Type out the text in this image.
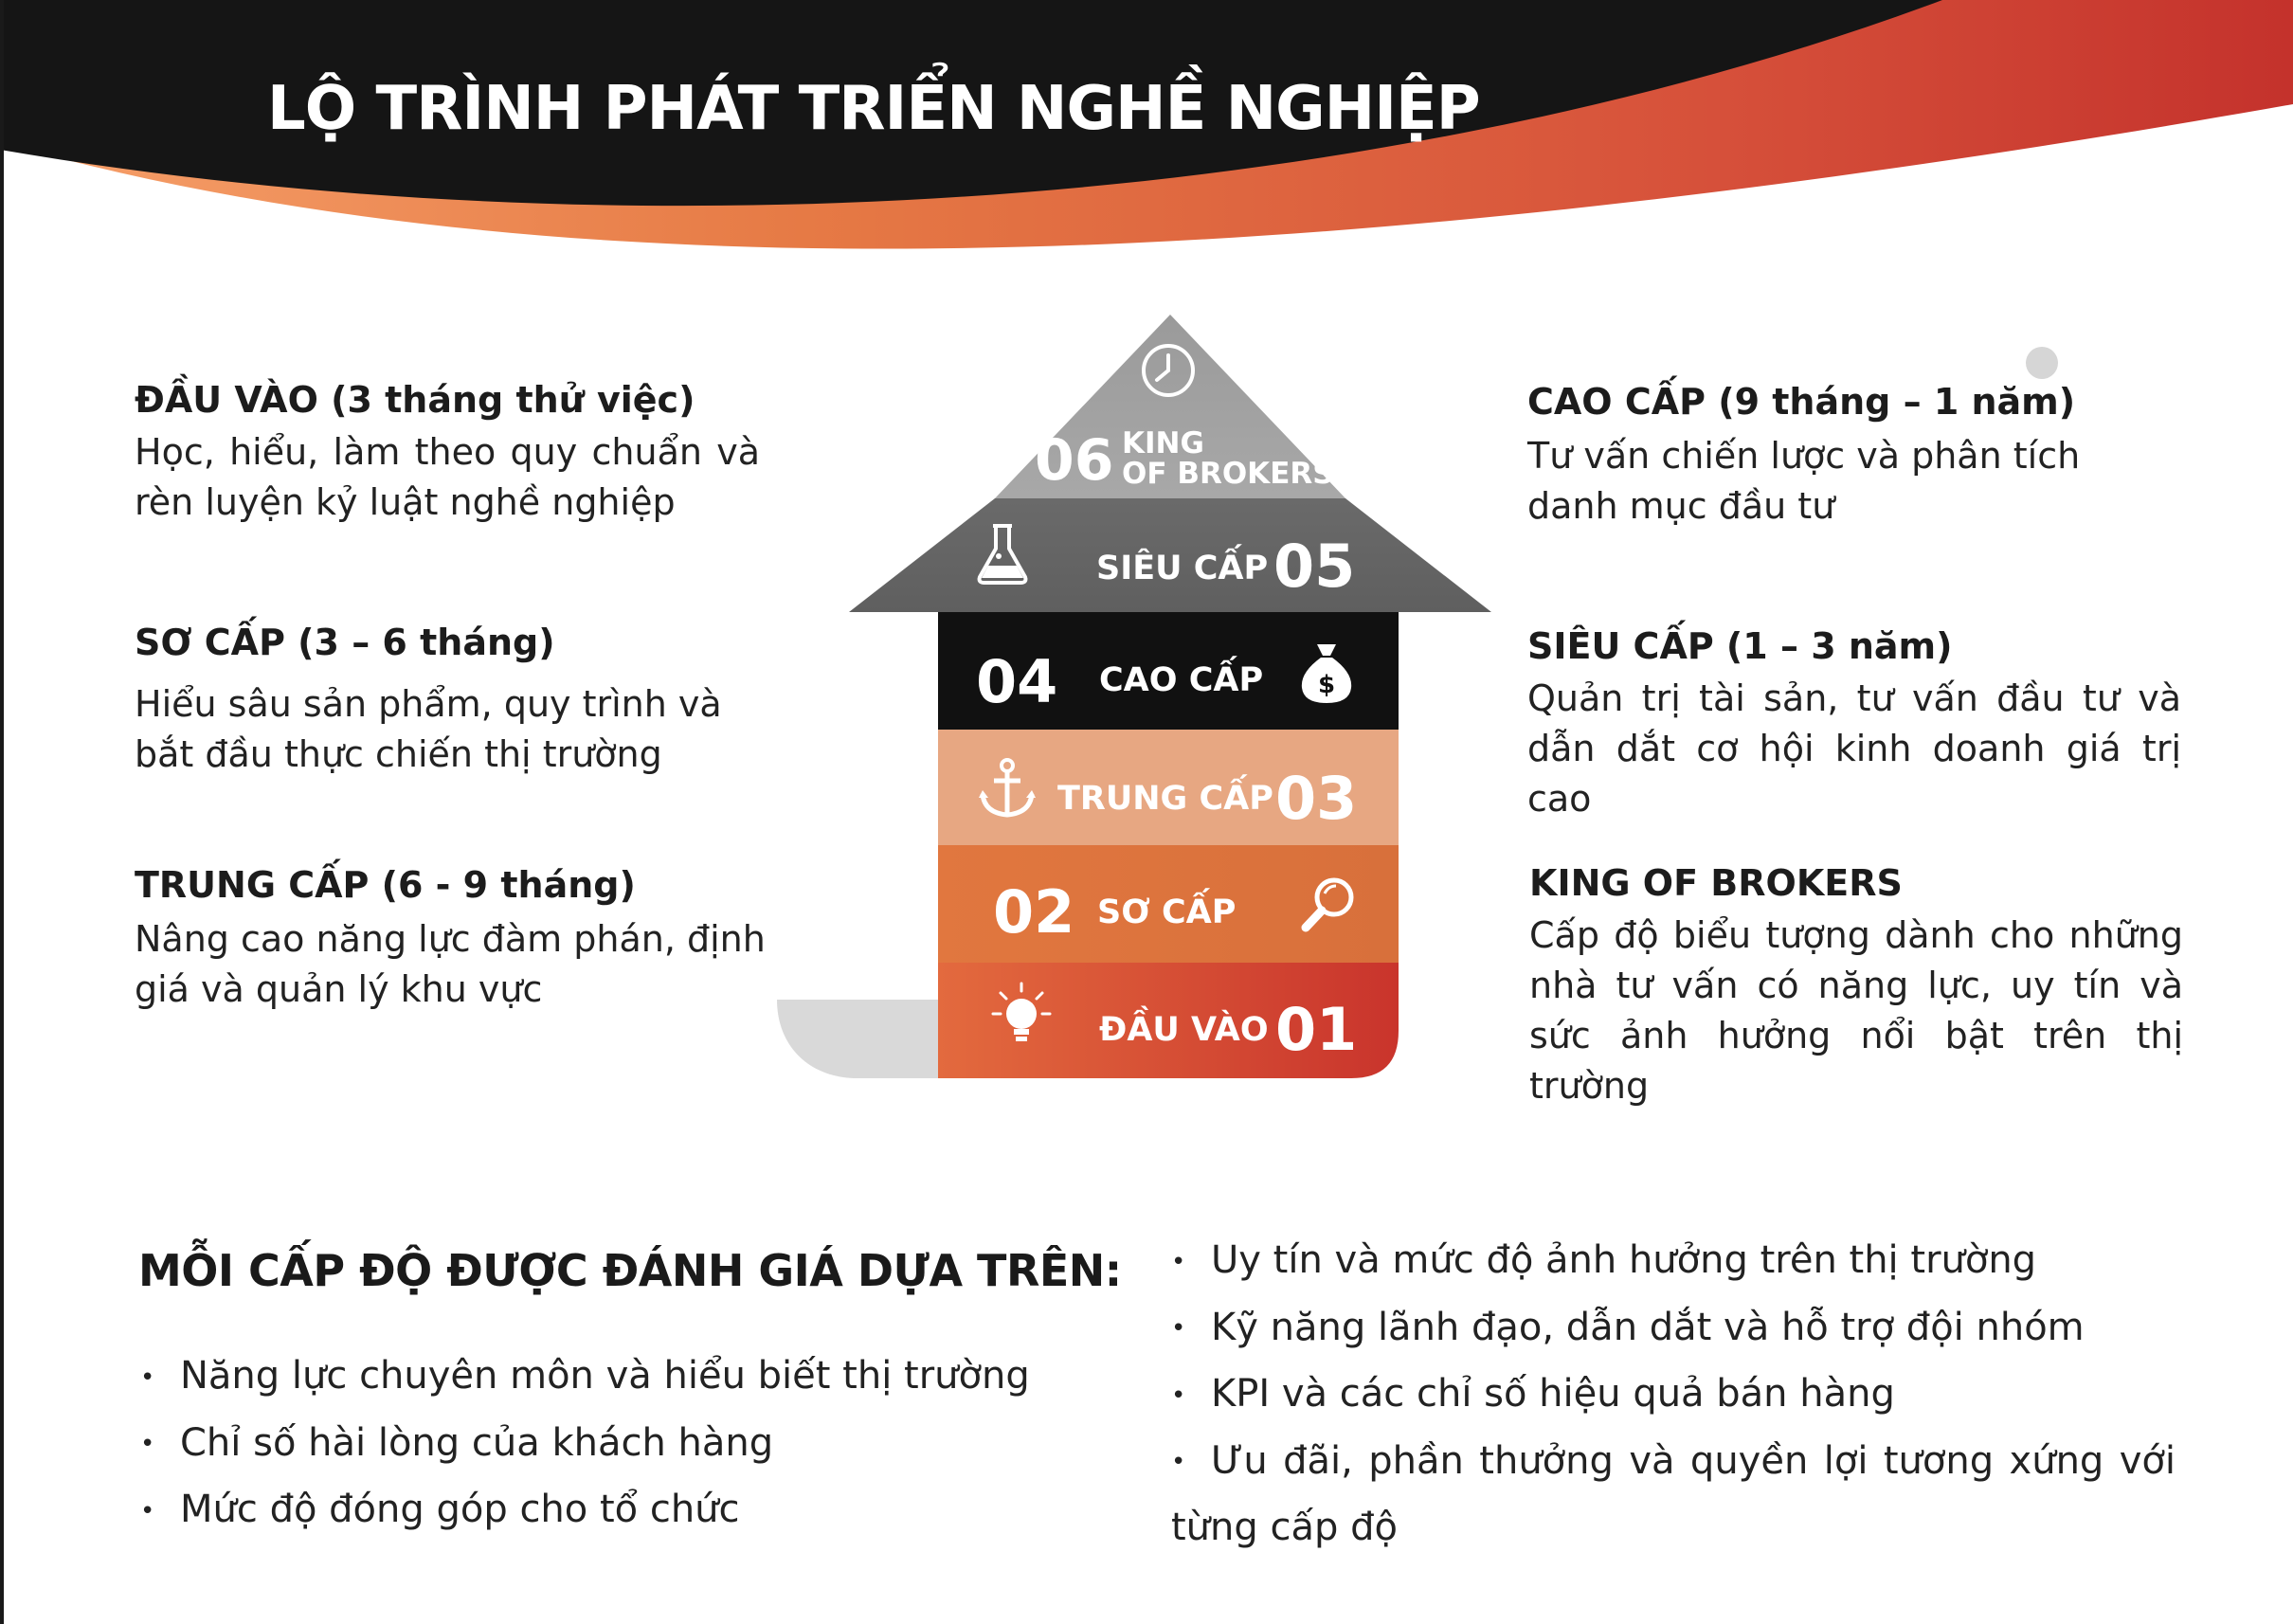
LỘ TRÌNH PHÁT TRIỂN NGHỀ NGHIỆP
ĐẦU VÀO (3 tháng thử việc)
Học, hiểu, làm theo quy chuẩn và rèn luyện kỷ luật nghề nghiệp
SƠ CẤP (3 – 6 tháng)
Hiểu sâu sản phẩm, quy trình và bắt đầu thực chiến thị trường
TRUNG CẤP (6 - 9 tháng)
Nâng cao năng lực đàm phán, định giá và quản lý khu vực
CAO CẤP (9 tháng – 1 năm)
Tư vấn chiến lược và phân tích danh mục đầu tư
SIÊU CẤP (1 – 3 năm)
Quản trị tài sản, tư vấn đầu tư và dẫn dắt cơ hội kinh doanh giá trị cao
KING OF BROKERS
Cấp độ biểu tượng dành cho những nhà tư vấn có năng lực, uy tín và sức ảnh hưởng nổi bật trên thị trường
$
06 KING
OF BROKERS
SIÊU CẤP 05
04 CAO CẤP
TRUNG CẤP 03
02 SƠ CẤP
ĐẦU VÀO 01
MỖI CẤP ĐỘ ĐƯỢC ĐÁNH GIÁ DỰA TRÊN:
• Năng lực chuyên môn và hiểu biết thị trường
• Chỉ số hài lòng của khách hàng
• Mức độ đóng góp cho tổ chức
• Uy tín và mức độ ảnh hưởng trên thị trường
• Kỹ năng lãnh đạo, dẫn dắt và hỗ trợ đội nhóm
• KPI và các chỉ số hiệu quả bán hàng
• Ưu đãi, phần thưởng và quyền lợi tương xứng với từng cấp độ
